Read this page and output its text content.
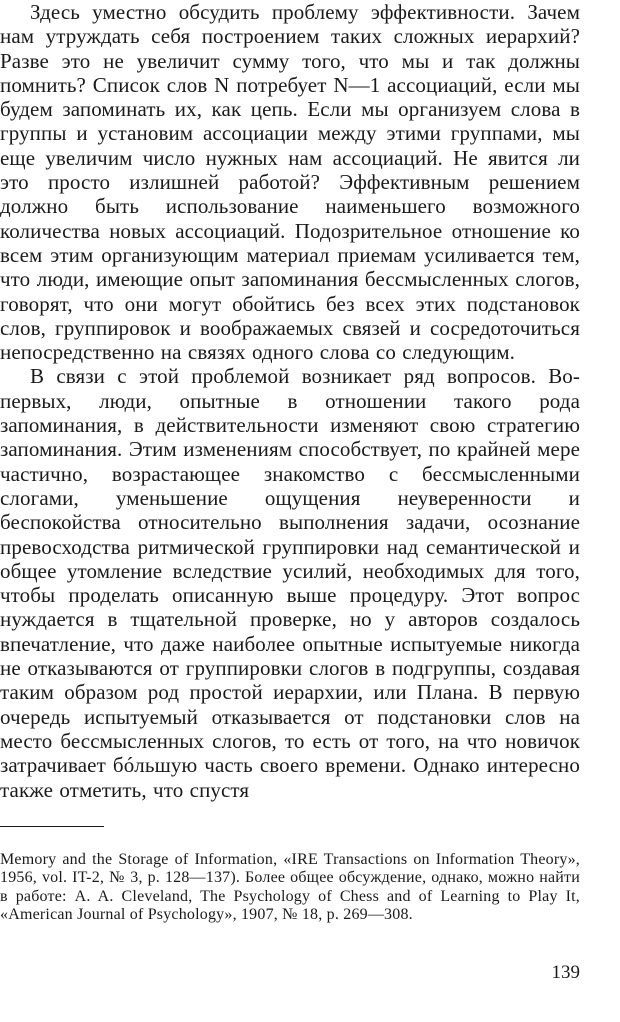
Здесь уместно обсудить проблему эффективности. Зачем нам утруждать себя построением таких сложных иерархий? Разве это не увеличит сумму того, что мы и так должны помнить? Список слов N потребует N—1 ассоциаций, если мы будем запоминать их, как цепь. Если мы организуем слова в группы и установим ассоциации между этими группами, мы еще увеличим число нужных нам ассоциаций. Не явится ли это просто излишней работой? Эффективным решением должно быть использование наименьшего возможного количества новых ассоциаций. Подозрительное отношение ко всем этим организующим материал приемам усиливается тем, что люди, имеющие опыт запоминания бессмысленных слогов, говорят, что они могут обойтись без всех этих подстановок слов, группировок и воображаемых связей и сосредоточиться непосредственно на связях одного слова со следующим.

В связи с этой проблемой возникает ряд вопросов. Во-первых, люди, опытные в отношении такого рода запоминания, в действительности изменяют свою стратегию запоминания. Этим изменениям способствует, по крайней мере частично, возрастающее знакомство с бессмысленными слогами, уменьшение ощущения неуверенности и беспокойства относительно выполнения задачи, осознание превосходства ритмической группировки над семантической и общее утомление вследствие усилий, необходимых для того, чтобы проделать описанную выше процедуру. Этот вопрос нуждается в тщательной проверке, но у авторов создалось впечатление, что даже наиболее опытные испытуемые никогда не отказываются от группировки слогов в подгруппы, создавая таким образом род простой иерархии, или Плана. В первую очередь испытуемый отказывается от подстановки слов на место бессмысленных слогов, то есть от того, на что новичок затрачивает бóльшую часть своего времени. Однако интересно также отметить, что спустя

Memory and the Storage of Information, «IRE Transactions on Information Theory», 1956, vol. IT-2, № 3, p. 128—137). Более общее обсуждение, однако, можно найти в работе: A. A. Cleveland, The Psychology of Chess and of Learning to Play It, «American Journal of Psychology», 1907, № 18, p. 269—308.
139
